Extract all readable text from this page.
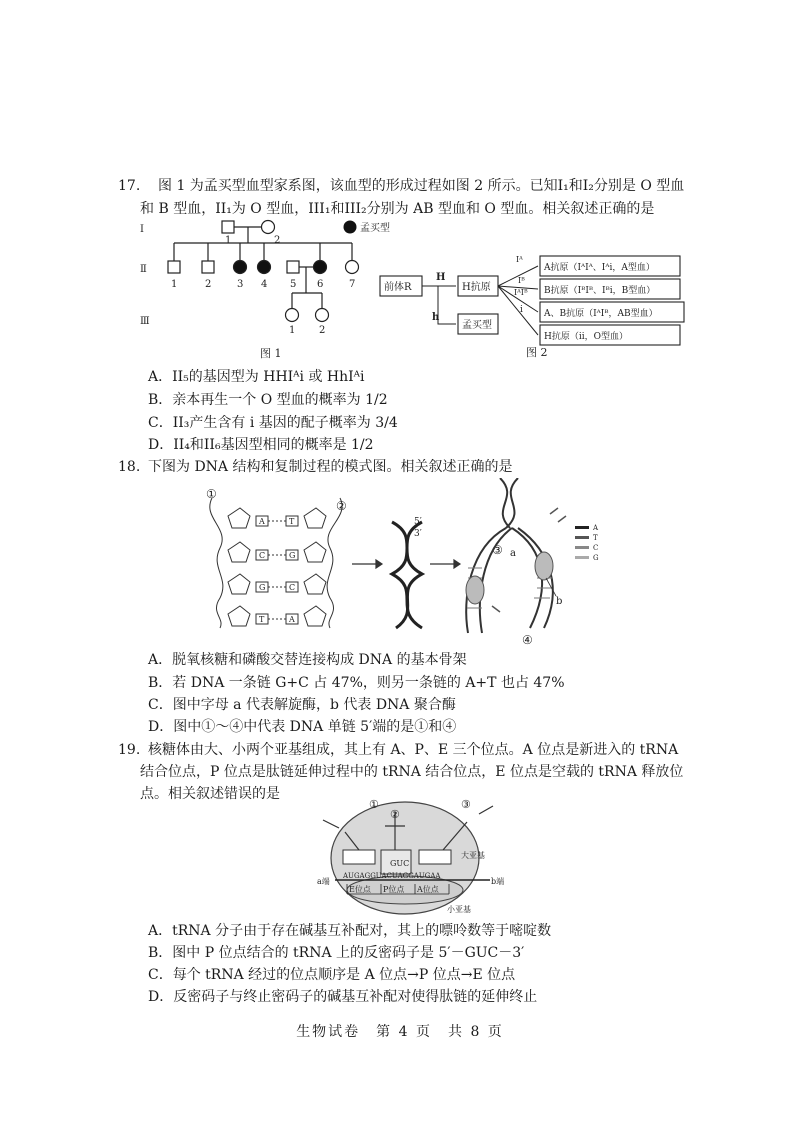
17. 图 1 为孟买型血型家系图，该血型的形成过程如图 2 所示。已知I₁和I₂分别是 O 型血
和 B 型血，II₁为 O 型血，III₁和III₂分别为 AB 型血和 O 型血。相关叙述正确的是
Ⅰ
Ⅱ
Ⅲ
1	2
1	2	3 4 5 6	7
1 2
图 1
孟买型
前体R
H
h
H抗原
孟买型
Iᴬ
Iᴮ
IᴬIᴮ
i
A抗原（IᴬIᴬ、Iᴬi，A型血）
B抗原（IᴮIᴮ、Iᴮi，B型血）
A、B抗原（IᴬIᴮ，AB型血）
H抗原（ii，O型血）
图 2
A．II₅的基因型为 HHIᴬi 或 HhIᴬi
B．亲本再生一个 O 型血的概率为 1/2
C．II₃产生含有 i 基因的配子概率为 3/4
D．II₄和II₆基因型相同的概率是 1/2
18. 下图为 DNA 结构和复制过程的模式图。相关叙述正确的是
A	T
C	G
G	C
T	A
①
②
③
④
5′
3′
a
b
A
T
C
G
A．脱氧核糖和磷酸交替连接构成 DNA 的基本骨架
B．若 DNA 一条链 G+C 占 47%，则另一条链的 A+T 也占 47%
C．图中字母 a 代表解旋酶，b 代表 DNA 聚合酶
D．图中①～④中代表 DNA 单链 5′端的是①和④
19. 核糖体由大、小两个亚基组成，其上有 A、P、E 三个位点。A 位点是新进入的 tRNA
结合位点，P 位点是肽链延伸过程中的 tRNA 结合位点，E 位点是空载的 tRNA 释放位
点。相关叙述错误的是
GUC
AUGAGGUACUAGGAUGAA
①
②
③
大亚基
小亚基
a端	b端
E位点 P位点 A位点
A．tRNA 分子由于存在碱基互补配对，其上的嘌呤数等于嘧啶数
B．图中 P 位点结合的 tRNA 上的反密码子是 5′－GUC－3′
C．每个 tRNA 经过的位点顺序是 A 位点→P 位点→E 位点
D．反密码子与终止密码子的碱基互补配对使得肽链的延伸终止
生物试卷　第 4 页　共 8 页
